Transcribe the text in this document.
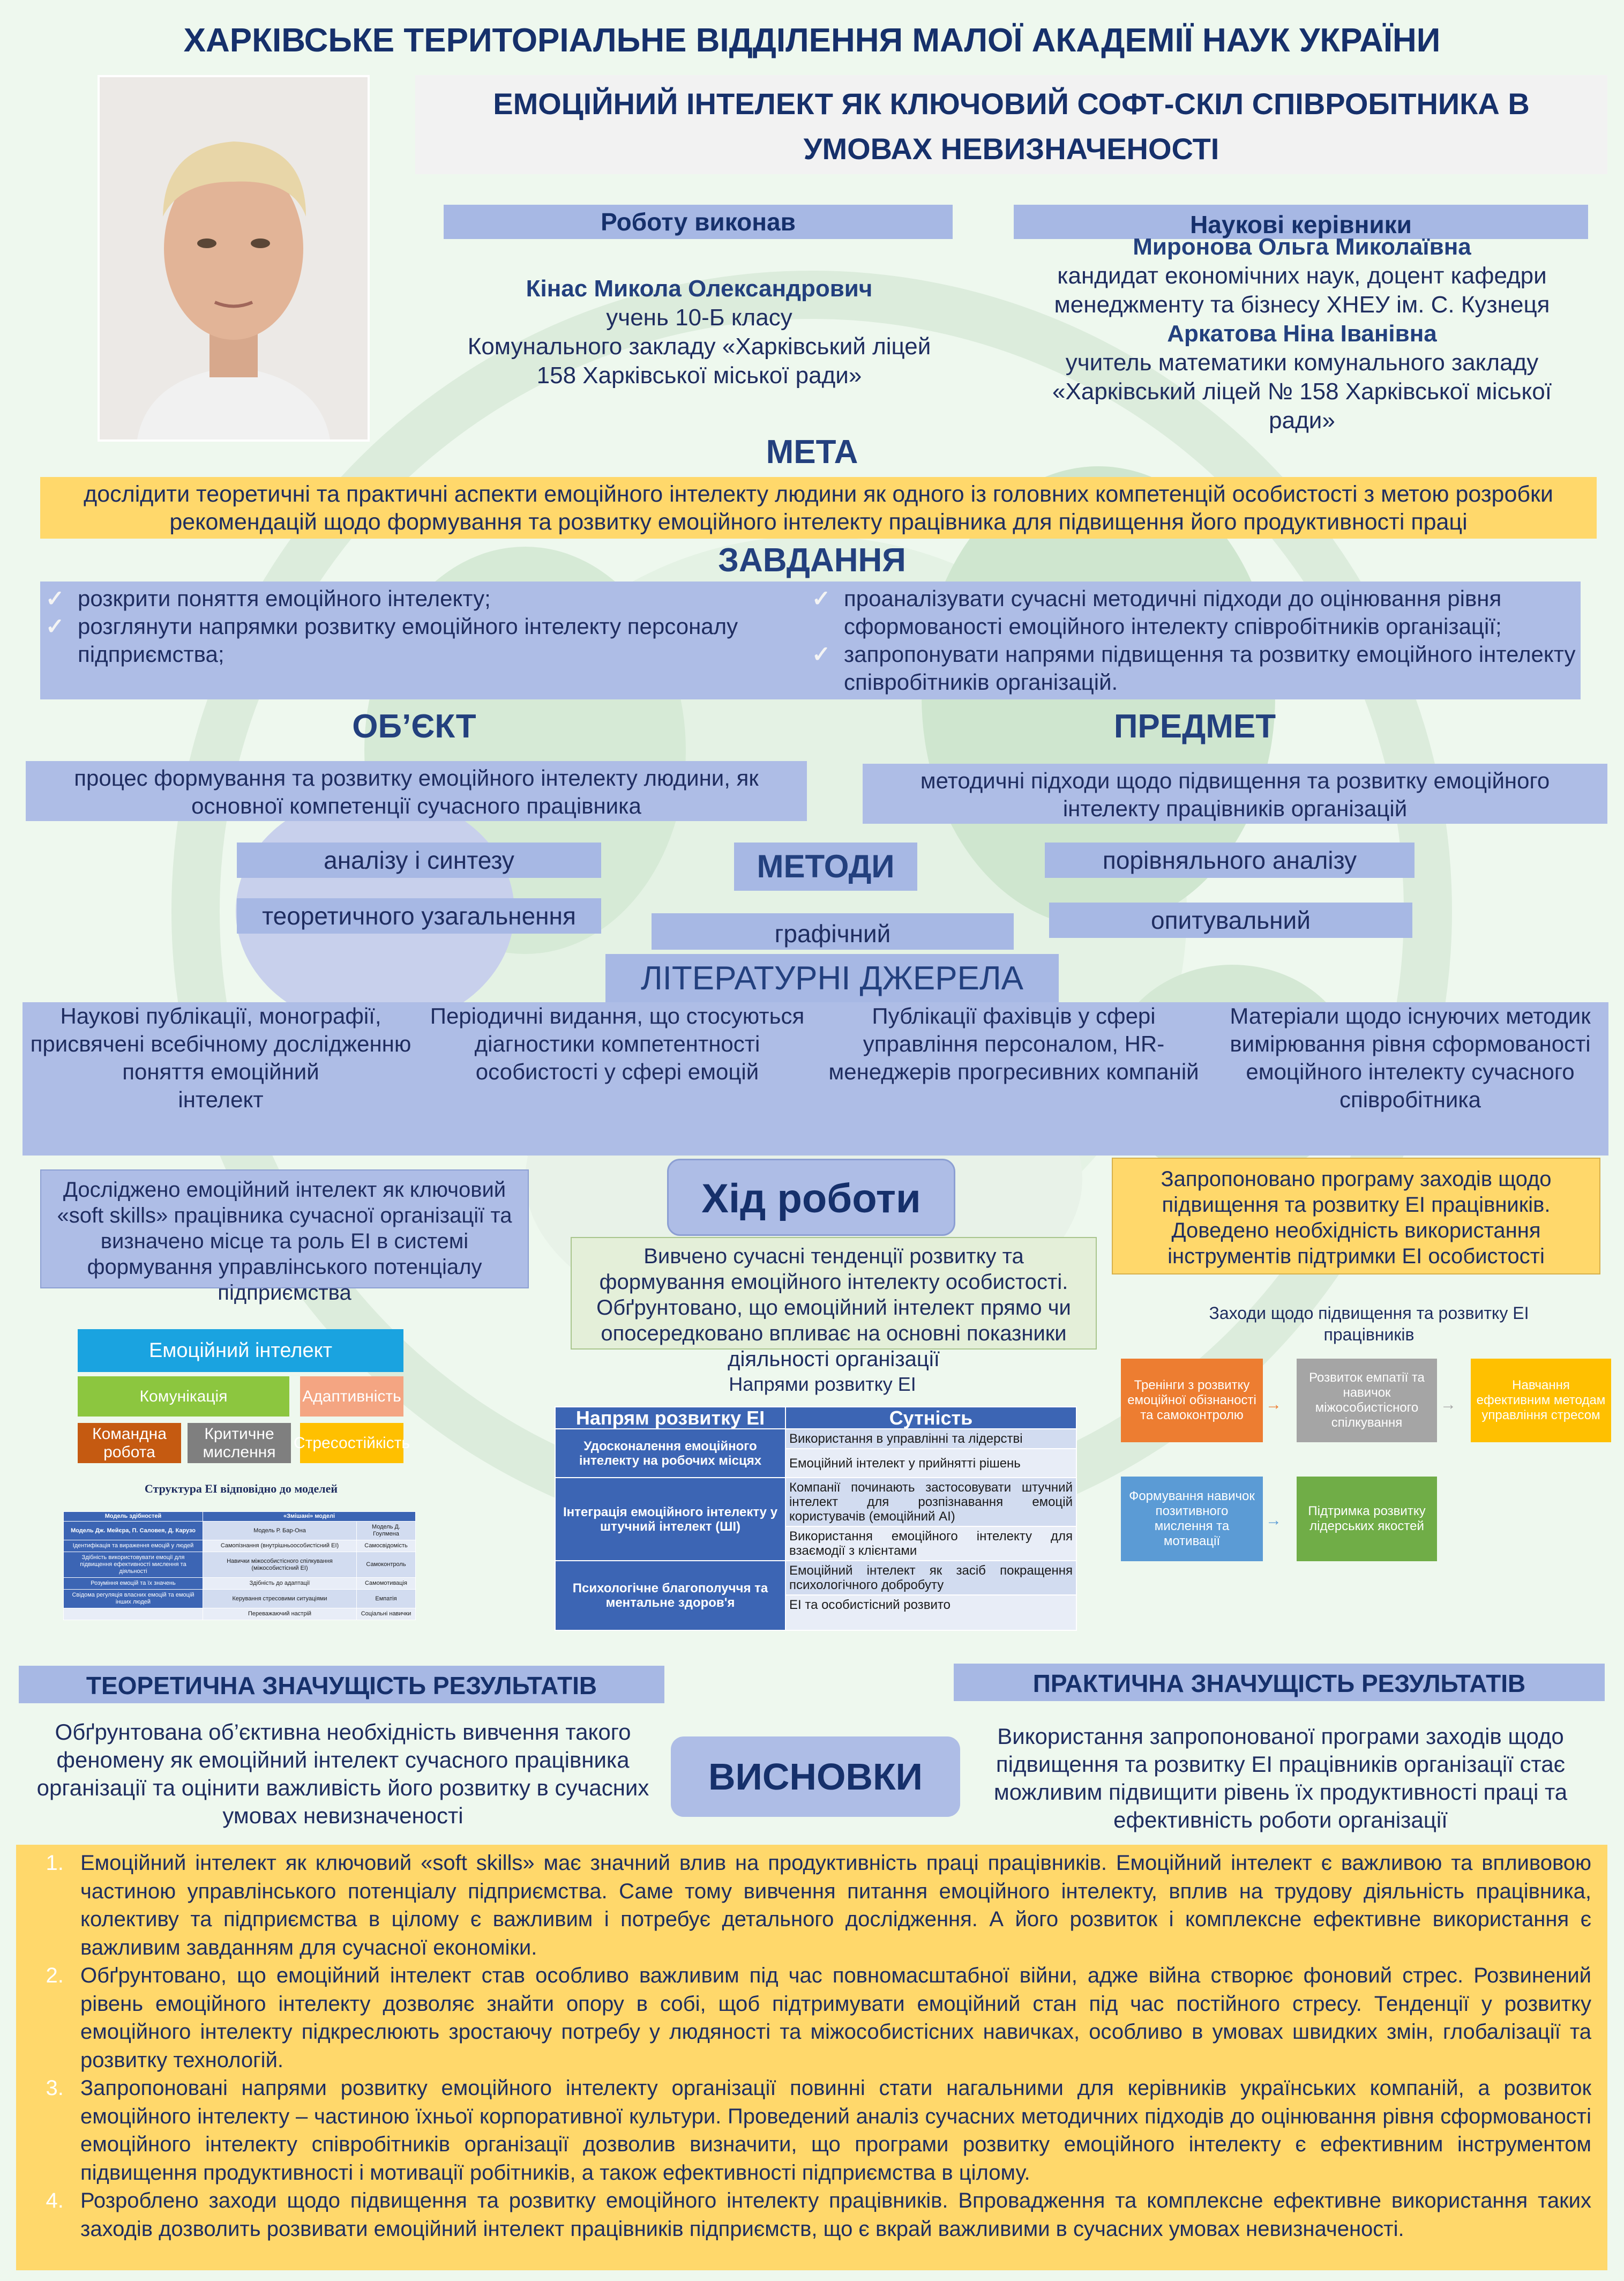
ХАРКІВСЬКЕ ТЕРИТОРІАЛЬНЕ ВІДДІЛЕННЯ МАЛОЇ АКАДЕМІЇ НАУК УКРАЇНИ
ЕМОЦІЙНИЙ ІНТЕЛЕКТ ЯК КЛЮЧОВИЙ СОФТ-СКІЛ СПІВРОБІТНИКА В
УМОВАХ НЕВИЗНАЧЕНОСТІ
Роботу виконав
Кінас Микола Олександрович
учень 10-Б класу
Комунального закладу «Харківський ліцей
158 Харківської міської ради»
Наукові керівники
Миронова Ольга Миколаївна
кандидат економічних наук, доцент кафедри
менеджменту та бізнесу ХНЕУ ім. С. Кузнеця
Аркатова Ніна Іванівна
учитель математики комунального закладу
«Харківський ліцей № 158 Харківської міської
ради»
МЕТА
дослідити теоретичні та практичні аспекти емоційного інтелекту людини як одного із головних компетенцій особистості з метою розробки
рекомендацій щодо формування та розвитку емоційного інтелекту працівника для підвищення його продуктивності праці
ЗАВДАННЯ
✓ розкрити поняття емоційного інтелекту;
✓ розглянути напрямки розвитку емоційного інтелекту персоналу підприємства;
✓ проаналізувати сучасні методичні підходи до оцінювання рівня сформованості емоційного інтелекту співробітників організації;
✓ запропонувати напрями підвищення та розвитку емоційного інтелекту співробітників організацій.
ОБ’ЄКТ
процес формування та розвитку емоційного інтелекту людини, як
основної компетенції сучасного працівника
ПРЕДМЕТ
методичні підходи щодо підвищення та розвитку емоційного
інтелекту працівників організацій
аналізу і синтезу
теоретичного узагальнення
МЕТОДИ
графічний
порівняльного аналізу
опитувальний
ЛІТЕРАТУРНІ ДЖЕРЕЛА
Наукові публікації, монографії,
присвячені всебічному дослідженню
поняття емоційний
інтелект
Періодичні видання, що стосуються
діагностики компетентності
особистості у сфері емоцій
Публікації фахівців у сфері
управління персоналом, HR-
менеджерів прогресивних компаній
Матеріали щодо існуючих методик
вимірювання рівня сформованості
емоційного інтелекту сучасного
співробітника
Досліджено емоційний інтелект як ключовий «soft skills» працівника сучасної організації та визначено місце та роль ЕІ в системі формування управлінського потенціалу підприємства
Хід роботи
Вивчено сучасні тенденції розвитку та формування емоційного інтелекту особистості. Обґрунтовано, що емоційний інтелект прямо чи опосередковано впливає на основні показники діяльності організації
Запропоновано програму заходів щодо підвищення та розвитку ЕІ працівників. Доведено необхідність використання інструментів підтримки ЕІ особистості
Емоційний інтелект
Комунікація	Адаптивність
Командна робота
Критичне мислення
Стресостійкість
Структура ЕІ відповідно до моделей
Модель здібностей	«Змішані» моделі	
Модель Дж. Мейєра, П. Саловея, Д. Карузо	Модель Р. Бар-Она	Модель Д. Гоулмена
Ідентифікація та вираження емоцій у людей	Самопізнання (внутрішньоособистісний ЕІ)	Самосвідомість
Здібність використовувати емоції для підвищення ефективності мислення та діяльності	Навички міжособистісного спілкування (міжособистісний ЕІ)	Самоконтроль
Розуміння емоцій та їх значень	Здібність до адаптації	Самомотивація
Свідома регуляція власних емоцій та емоцій інших людей	Керування стресовими ситуаціями	Емпатія
	Переважаючий настрій	Соціальні навички
Напрями розвитку ЕІ
Напрям розвитку ЕІ	Сутність
Удосконалення емоційного інтелекту на робочих місцях	Використання в управлінні та лідерстві
	Емоційний інтелект у прийнятті рішень
Інтеграція емоційного інтелекту у штучний інтелект (ШІ)	Компанії починають застосовувати штучний інтелект для розпізнавання емоцій користувачів (емоційний АІ)
	Використання емоційного інтелекту для взаємодії з клієнтами
Психологічне благополуччя та ментальне здоров'я	Емоційний інтелект як засіб покращення психологічного добробуту
	ЕІ та особистісний розвито
Заходи щодо підвищення та розвитку ЕІ працівників
Тренінги з розвитку емоційної обізнаності та самоконтролю
→
Розвиток емпатії та навичок міжособистісного спілкування
→
Навчання ефективним методам управління стресом
Формування навичок позитивного мислення та мотивації
→
Підтримка розвитку лідерських якостей
ТЕОРЕТИЧНА ЗНАЧУЩІСТЬ РЕЗУЛЬТАТІВ
Обґрунтована об’єктивна необхідність вивчення такого феномену як емоційний інтелект сучасного працівника організації та оцінити важливість його розвитку в сучасних умовах невизначеності
ПРАКТИЧНА ЗНАЧУЩІСТЬ РЕЗУЛЬТАТІВ
Використання запропонованої програми заходів щодо підвищення та розвитку ЕІ працівників організації стає можливим підвищити рівень їх продуктивності праці та ефективність роботи організації
ВИСНОВКИ
1. Емоційний інтелект як ключовий «soft skills» має значний влив на продуктивність праці працівників. Емоційний інтелект є важливою та впливовою частиною управлінського потенціалу підприємства. Саме тому вивчення питання емоційного інтелекту, вплив на трудову діяльність працівника, колективу та підприємства в цілому є важливим і потребує детального дослідження. А його розвиток і комплексне ефективне використання є важливим завданням для сучасної економіки.
2. Обґрунтовано, що емоційний інтелект став особливо важливим під час повномасштабної війни, адже війна створює фоновий стрес. Розвинений рівень емоційного інтелекту дозволяє знайти опору в собі, щоб підтримувати емоційний стан під час постійного стресу. Тенденції у розвитку емоційного інтелекту підкреслюють зростаючу потребу у людяності та міжособистісних навичках, особливо в умовах швидких змін, глобалізації та розвитку технологій.
3. Запропоновані напрями розвитку емоційного інтелекту організації повинні стати нагальними для керівників українських компаній, а розвиток емоційного інтелекту – частиною їхньої корпоративної культури. Проведений аналіз сучасних методичних підходів до оцінювання рівня сформованості емоційного інтелекту співробітників організації дозволив визначити, що програми розвитку емоційного інтелекту є ефективним інструментом підвищення продуктивності і мотивації робітників, а також ефективності підприємства в цілому.
4. Розроблено заходи щодо підвищення та розвитку емоційного інтелекту працівників. Впровадження та комплексне ефективне використання таких заходів дозволить розвивати емоційний інтелект працівників підприємств, що є вкрай важливими в сучасних умовах невизначеності.
